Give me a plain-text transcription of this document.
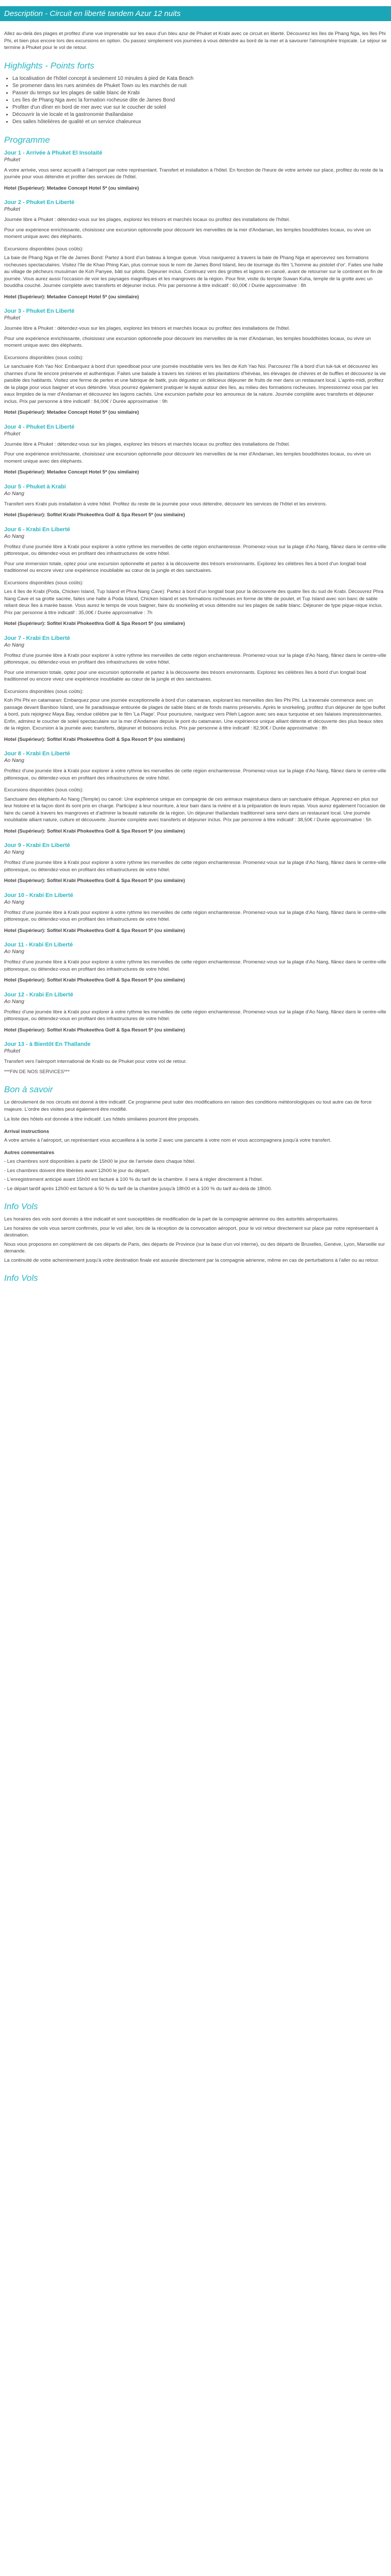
Description - Circuit en liberté tandem Azur 12 nuits

Allez au-delà des plages et profitez d'une vue imprenable sur les eaux d'un bleu azur de Phuket et Krabi avec ce circuit en liberté. Découvrez les îles de Phang Nga, les îles Phi Phi, et bien plus encore lors des excursions en option. Ou passez simplement vos journées à vous détendre au bord de la mer et à savourer l'atmosphère tropicale. Le séjour se termine à Phuket pour le vol de retour.

Highlights - Points forts
• La localisation de l'hôtel concept à seulement 10 minutes à pied de Kata Beach
• Se promener dans les rues animées de Phuket Town ou les marchés de nuit
• Passer du temps sur les plages de sable blanc de Krabi
• Les îles de Phang Nga avec la formation rocheuse dite de James Bond
• Profiter d'un dîner en bord de mer avec vue sur le coucher de soleil
• Découvrir la vie locale et la gastronomie thaïlandaise
• Des salles hôtelières de qualité et un service chaleureux
Programme

Jour 1 - Arrivée à Phuket El Insolaité

Phuket

A votre arrivée, vous serez accueilli à l'aéroport par notre représentant. Transfert et installation à l'hôtel. En fonction de l'heure de votre arrivée sur place, profitez du reste de la journée pour vous détendre et profiter des services de l'hôtel.

Hotel (Supérieur): Metadee Concept Hotel 5* (ou similaire)

Jour 2 - Phuket En Liberté

Phuket

Journée libre à Phuket : détendez-vous sur les plages, explorez les trésors et marchés locaux ou profitez des installations de l'hôtel.

Pour une expérience enrichissante, choisissez une excursion optionnelle pour découvrir les merveilles de la mer d'Andaman, les temples bouddhistes locaux, ou vivre un moment unique avec des éléphants.

Excursions disponibles (sous coûts):

La baie de Phang Nga et l'île de James Bond: Partez à bord d'un bateau à longue queue. Vous naviguerez à travers la baie de Phang Nga et apercevrez ses formations rocheuses spectaculaires. Visitez l'île de Khao Phing Kan, plus connue sous le nom de James Bond Island, lieu de tournage du film 'L'homme au pistolet d'or'. Faites une halte au village de pêcheurs musulman de Koh Panyee, bâti sur pilotis. Déjeuner inclus. Continuez vers des grottes et lagons en canoë, avant de retourner sur le continent en fin de journée. Vous aurez aussi l'occasion de voir les paysages magnifiques et les mangroves de la région. Pour finir, visite du temple Suwan Kuha, temple de la grotte avec un bouddha couché. Journée complète avec transferts et déjeuner inclus. Prix par personne à titre indicatif : 60,00€ / Durée approximative : 8h

Hotel (Supérieur): Metadee Concept Hotel 5* (ou similaire)

Jour 3 - Phuket En Liberté

Phuket

Journée libre à Phuket : détendez-vous sur les plages, explorez les trésors et marchés locaux ou profitez des installations de l'hôtel.

Pour une expérience enrichissante, choisissez une excursion optionnelle pour découvrir les merveilles de la mer d'Andaman, les temples bouddhistes locaux, ou vivre un moment unique avec des éléphants.

Excursions disponibles (sous coûts):

Le sanctuaire Koh Yao Noi: Embarquez à bord d'un speedboat pour une journée inoubliable vers les îles de Koh Yao Noi. Parcourez l'île à bord d'un tuk-tuk et découvrez les charmes d'une île encore préservée et authentique. Faites une balade à travers les rizières et les plantations d'hévéas, les élevages de chèvres et de buffles et découvrez la vie paisible des habitants. Visitez une ferme de perles et une fabrique de batik, puis dégustez un délicieux déjeuner de fruits de mer dans un restaurant local. L'après-midi, profitez de la plage pour vous baigner et vous détendre. Vous pourrez également pratiquer le kayak autour des îles, au milieu des formations rocheuses. Impressionnez vous par les eaux limpides de la mer d'Andaman et découvrez les lagons cachés. Une excursion parfaite pour les amoureux de la nature. Journée complète avec transferts et déjeuner inclus. Prix par personne à titre indicatif : 84,00€ / Durée approximative : 9h

Hotel (Supérieur): Metadee Concept Hotel 5* (ou similaire)

Jour 4 - Phuket En Liberté

Phuket

Journée libre à Phuket : détendez-vous sur les plages, explorez les trésors et marchés locaux ou profitez des installations de l'hôtel.

Pour une expérience enrichissante, choisissez une excursion optionnelle pour découvrir les merveilles de la mer d'Andaman, les temples bouddhistes locaux, ou vivre un moment unique avec des éléphants.

Hotel (Supérieur): Metadee Concept Hotel 5* (ou similaire)

Jour 5 - Phuket à Krabi

Ao Nang

Transfert vers Krabi puis installation à votre hôtel. Profitez du reste de la journée pour vous détendre, découvrir les services de l'hôtel et les environs.

Hotel (Supérieur): Sofitel Krabi Phokeethra Golf & Spa Resort 5* (ou similaire)

Jour 6 - Krabi En Liberté

Ao Nang

Profitez d'une journée libre à Krabi pour explorer à votre rythme les merveilles de cette région enchanteresse. Promenez-vous sur la plage d'Ao Nang, flânez dans le centre-ville pittoresque, ou détendez-vous en profitant des infrastructures de votre hôtel.

Pour une immersion totale, optez pour une excursion optionnelle et partez à la découverte des trésors environnants. Explorez les célèbres îles à bord d'un longtail boat traditionnel ou encore vivez une expérience inoubliable au cœur de la jungle et des sanctuaires.

Excursions disponibles (sous coûts):

Les 4 îles de Krabi (Poda, Chicken Island, Tup Island et Phra Nang Cave): Partez à bord d'un longtail boat pour la découverte des quatre îles du sud de Krabi. Découvrez Phra Nang Cave et sa grotte sacrée, faites une halte à Poda Island, Chicken Island et ses formations rocheuses en forme de tête de poulet, et Tup Island avec son banc de sable reliant deux îles à marée basse. Vous aurez le temps de vous baigner, faire du snorkeling et vous détendre sur les plages de sable blanc. Déjeuner de type pique-nique inclus. Prix par personne à titre indicatif : 35,00€ / Durée approximative : 7h

Hotel (Supérieur): Sofitel Krabi Phokeethra Golf & Spa Resort 5* (ou similaire)

Jour 7 - Krabi En Liberté

Ao Nang

Profitez d'une journée libre à Krabi pour explorer à votre rythme les merveilles de cette région enchanteresse. Promenez-vous sur la plage d'Ao Nang, flânez dans le centre-ville pittoresque, ou détendez-vous en profitant des infrastructures de votre hôtel.

Pour une immersion totale, optez pour une excursion optionnelle et partez à la découverte des trésors environnants. Explorez les célèbres îles à bord d'un longtail boat traditionnel ou encore vivez une expérience inoubliable au cœur de la jungle et des sanctuaires.

Excursions disponibles (sous coûts):

Koh Phi Phi en catamaran: Embarquez pour une journée exceptionnelle à bord d'un catamaran, explorant les merveilles des îles Phi Phi. La traversée commence avec un passage devant Bamboo Island, une île paradisiaque entourée de plages de sable blanc et de fonds marins préservés. Après le snorkeling, profitez d'un déjeuner de type buffet à bord, puis rejoignez Maya Bay, rendue célèbre par le film 'La Plage'. Pour poursuivre, naviguez vers Pileh Lagoon avec ses eaux turquoise et ses falaises impressionnantes. Enfin, admirez le coucher de soleil spectaculaire sur la mer d'Andaman depuis le pont du catamaran. Une expérience unique alliant détente et découverte des plus beaux sites de la région. Excursion à la journée avec transferts, déjeuner et boissons inclus. Prix par personne à titre indicatif : 82,90€ / Durée approximative : 8h

Hotel (Supérieur): Sofitel Krabi Phokeethra Golf & Spa Resort 5* (ou similaire)

Jour 8 - Krabi En Liberté

Ao Nang

Profitez d'une journée libre à Krabi pour explorer à votre rythme les merveilles de cette région enchanteresse. Promenez-vous sur la plage d'Ao Nang, flânez dans le centre-ville pittoresque, ou détendez-vous en profitant des infrastructures de votre hôtel.

Excursions disponibles (sous coûts):

Sanctuaire des éléphants Ao Nang (Temple) ou canoë: Une expérience unique en compagnie de ces animaux majestueux dans un sanctuaire éthique. Apprenez-en plus sur leur histoire et la façon dont ils sont pris en charge. Participez à leur nourriture, à leur bain dans la rivière et à la préparation de leurs repas. Vous aurez également l'occasion de faire du canoë à travers les mangroves et d'admirer la beauté naturelle de la région. Un déjeuner thaïlandais traditionnel sera servi dans un restaurant local. Une journée inoubliable alliant nature, culture et découverte. Journée complète avec transferts et déjeuner inclus. Prix par personne à titre indicatif : 38,50€ / Durée approximative : 5h

Hotel (Supérieur): Sofitel Krabi Phokeethra Golf & Spa Resort 5* (ou similaire)

Jour 9 - Krabi En Liberté

Ao Nang

Profitez d'une journée libre à Krabi pour explorer à votre rythme les merveilles de cette région enchanteresse. Promenez-vous sur la plage d'Ao Nang, flânez dans le centre-ville pittoresque, ou détendez-vous en profitant des infrastructures de votre hôtel.

Hotel (Supérieur): Sofitel Krabi Phokeethra Golf & Spa Resort 5* (ou similaire)

Jour 10 - Krabi En Liberté

Ao Nang

Profitez d'une journée libre à Krabi pour explorer à votre rythme les merveilles de cette région enchanteresse. Promenez-vous sur la plage d'Ao Nang, flânez dans le centre-ville pittoresque, ou détendez-vous en profitant des infrastructures de votre hôtel.

Hotel (Supérieur): Sofitel Krabi Phokeethra Golf & Spa Resort 5* (ou similaire)

Jour 11 - Krabi En Liberté

Ao Nang

Profitez d'une journée libre à Krabi pour explorer à votre rythme les merveilles de cette région enchanteresse. Promenez-vous sur la plage d'Ao Nang, flânez dans le centre-ville pittoresque, ou détendez-vous en profitant des infrastructures de votre hôtel.

Hotel (Supérieur): Sofitel Krabi Phokeethra Golf & Spa Resort 5* (ou similaire)

Jour 12 - Krabi En Liberté

Ao Nang

Profitez d'une journée libre à Krabi pour explorer à votre rythme les merveilles de cette région enchanteresse. Promenez-vous sur la plage d'Ao Nang, flânez dans le centre-ville pittoresque, ou détendez-vous en profitant des infrastructures de votre hôtel.

Hotel (Supérieur): Sofitel Krabi Phokeethra Golf & Spa Resort 5* (ou similaire)

Jour 13 - à Bientôt En Thaïlande

Phuket

Transfert vers l'aéroport international de Krabi ou de Phuket pour votre vol de retour.

***FIN DE NOS SERVICES***

Bon à savoir

Le déroulement de nos circuits est donné à titre indicatif. Ce programme peut subir des modifications en raison des conditions météorologiques ou tout autre cas de force majeure. L'ordre des visites peut également être modifié.

La liste des hôtels est donnée à titre indicatif. Les hôtels similaires pourront être proposés.

Arrival instructions

A votre arrivée à l'aéroport, un représentant vous accueillera à la sortie 2 avec une pancarte à votre nom et vous accompagnera jusqu'à votre transfert.

Autres commentaires

- Les chambres sont disponibles à partir de 15h00 le jour de l'arrivée dans chaque hôtel.

- Les chambres doivent être libérées avant 12h00 le jour du départ.

- L'enregistrement anticipé avant 15h00 est facturé à 100 % du tarif de la chambre. Il sera à régler directement à l'hôtel.

- Le départ tardif après 12h00 est facturé à 50 % du tarif de la chambre jusqu'à 18h00 et à 100 % du tarif au-delà de 18h00.

Info Vols

Les horaires des vols sont donnés à titre indicatif et sont susceptibles de modification de la part de la compagnie aérienne ou des autorités aéroportuaires.

Les horaires de vols vous seront confirmés, pour le vol aller, lors de la réception de la convocation aéroport, pour le vol retour directement sur place par notre représentant à destination.

Nous vous proposons en complément de ces départs de Paris, des départs de Province (sur la base d'un vol interne), ou des départs de Bruxelles, Genève, Lyon, Marseille sur demande.

La continuité de votre acheminement jusqu'à votre destination finale est assurée directement par la compagnie aérienne, même en cas de perturbations à l'aller ou au retour.

Info Vols
